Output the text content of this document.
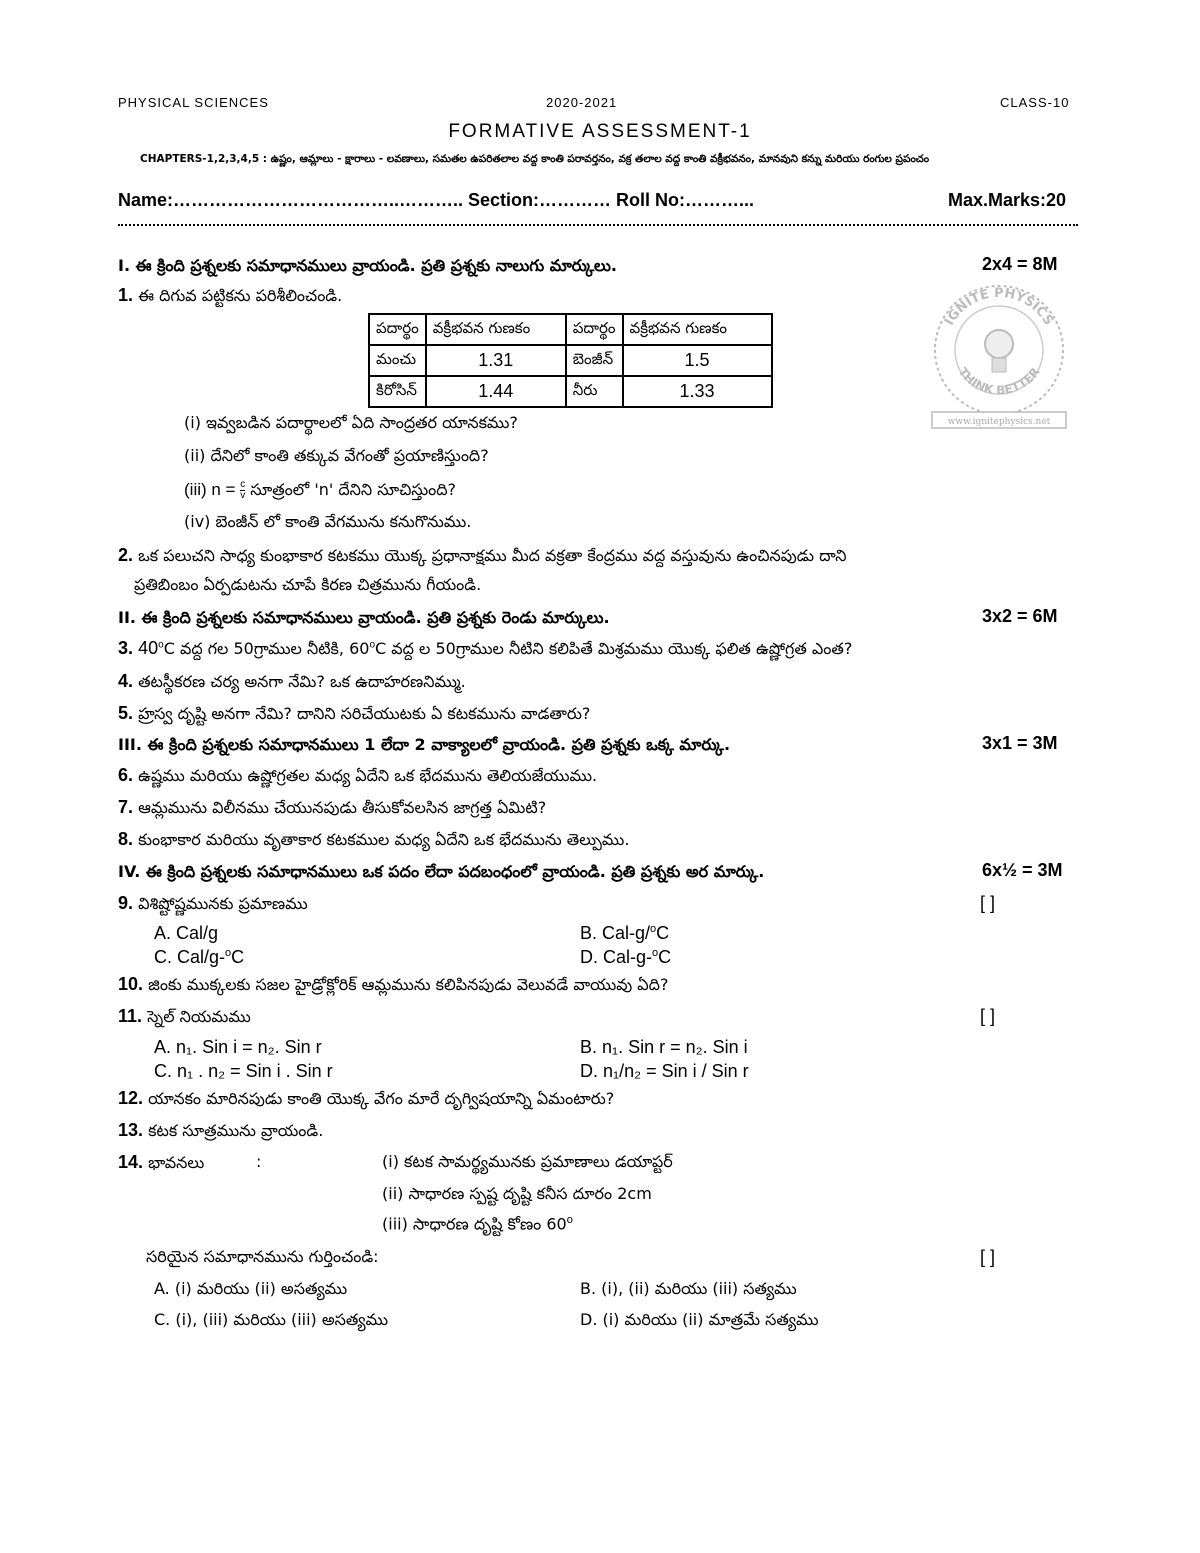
PHYSICAL SCIENCES	2020-2021	CLASS-10
FORMATIVE ASSESSMENT-1
CHAPTERS-1,2,3,4,5 : ఉష్ణం, ఆమ్లాలు - క్షారాలు - లవణాలు, సమతల ఉపరితలాల వద్ద కాంతి పరావర్తనం, వక్ర తలాల వద్ద కాంతి వక్రీభవనం, మానవుని కన్ను మరియు రంగుల ప్రపంచం
Name:………………………………..……….. Section:………… Roll No:………...	Max.Marks:20
IGNITE PHYSICS
THINK BETTER
www.ignitephysics.net
I. ఈ క్రింది ప్రశ్నలకు సమాధానములు వ్రాయండి. ప్రతి ప్రశ్నకు నాలుగు మార్కులు.	2x4 = 8M
1. ఈ దిగువ పట్టికను పరిశీలించండి.
పదార్థం	వక్రీభవన గుణకం	పదార్థం	వక్రీభవన గుణకం
మంచు	1.31	బెంజీన్	1.5
కిరోసిన్	1.44	నీరు	1.33
(i) ఇవ్వబడిన పదార్థాలలో ఏది సాంద్రతర యానకము?
(ii) దేనిలో కాంతి తక్కువ వేగంతో ప్రయాణిస్తుంది?
(iii) $n = \frac{c}{v}$ సూత్రంలో 'n' దేనిని సూచిస్తుంది?
(iv) బెంజీన్ లో కాంతి వేగమును కనుగొనుము.
2. ఒక పలుచని సాధ్య కుంభాకార కటకము యొక్క ప్రధానాక్షము మీద వక్రతా కేంద్రము వద్ద వస్తువును ఉంచినపుడు దాని
ప్రతిబింబం ఏర్పడుటను చూపే కిరణ చిత్రమును గీయండి.
II. ఈ క్రింది ప్రశ్నలకు సమాధానములు వ్రాయండి. ప్రతి ప్రశ్నకు రెండు మార్కులు.	3x2 = 6M
3. 40$^o$C వద్ద గల 50గ్రాముల నీటికి, 60$^o$C వద్ద ల 50గ్రాముల నీటిని కలిపితే మిశ్రమము యొక్క ఫలిత ఉష్ణోగ్రత ఎంత?
4. తటస్థీకరణ చర్య అనగా నేమి? ఒక ఉదాహరణనిమ్ము.
5. హ్రస్వ దృష్టి అనగా నేమి? దానిని సరిచేయుటకు ఏ కటకమును వాడతారు?
III. ఈ క్రింది ప్రశ్నలకు సమాధానములు 1 లేదా 2 వాక్యాలలో వ్రాయండి. ప్రతి ప్రశ్నకు ఒక్క మార్కు.	3x1 = 3M
6. ఉష్ణము మరియు ఉష్ణోగ్రతల మధ్య ఏదేని ఒక భేదమును తెలియజేయుము.
7. ఆమ్లమును విలీనము చేయునపుడు తీసుకోవలసిన జాగ్రత్త ఏమిటి?
8. కుంభాకార మరియు వృతాకార కటకముల మధ్య ఏదేని ఒక భేదమును తెల్పుము.
IV. ఈ క్రింది ప్రశ్నలకు సమాధానములు ఒక పదం లేదా పదబంధంలో వ్రాయండి. ప్రతి ప్రశ్నకు అర మార్కు.	6x½ = 3M
9. విశిష్టోష్ణమునకు ప్రమాణము	[ ]
A. Cal/g	B. Cal-g/$^o$C
C. Cal/g-$^o$C	D. Cal-g-$^o$C
10. జింకు ముక్కలకు సజల హైడ్రోక్లోరిక్ ఆమ్లమును కలిపినపుడు వెలువడే వాయువు ఏది?
11. స్నెల్ నియమము	[ ]
A. n₁. Sin i = n₂. Sin r	B. n₁. Sin r = n₂. Sin i
C. n₁ . n₂ = Sin i . Sin r	D. n₁/n₂ = Sin i / Sin r
12. యానకం మారినపుడు కాంతి యొక్క వేగం మారే దృగ్విషయాన్ని ఏమంటారు?
13. కటక సూత్రమును వ్రాయండి.
14. భావనలు	:	(i) కటక సామర్థ్యమునకు ప్రమాణాలు డయాప్టర్
(ii) సాధారణ స్పష్ట దృష్టి కనీస దూరం 2cm
(iii) సాధారణ దృష్టి కోణం 60$^o$
సరియైన సమాధానమును గుర్తించండి:	[ ]
A. (i) మరియు (ii) అసత్యము	B. (i), (ii) మరియు (iii) సత్యము
C. (i), (iii) మరియు (iii) అసత్యము	D. (i) మరియు (ii) మాత్రమే సత్యము
